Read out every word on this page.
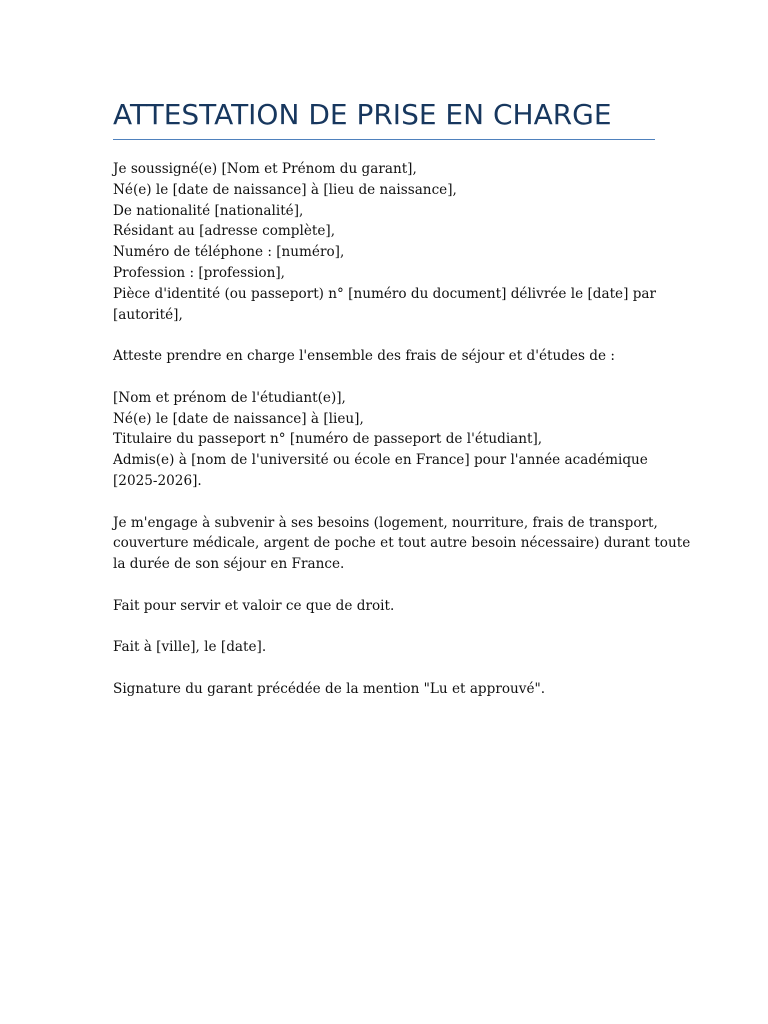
ATTESTATION DE PRISE EN CHARGE

Je soussigné(e) [Nom et Prénom du garant],
Né(e) le [date de naissance] à [lieu de naissance],
De nationalité [nationalité],
Résidant au [adresse complète],
Numéro de téléphone : [numéro],
Profession : [profession],
Pièce d'identité (ou passeport) n° [numéro du document] délivrée le [date] par
[autorité],

Atteste prendre en charge l'ensemble des frais de séjour et d'études de :

[Nom et prénom de l'étudiant(e)],
Né(e) le [date de naissance] à [lieu],
Titulaire du passeport n° [numéro de passeport de l'étudiant],
Admis(e) à [nom de l'université ou école en France] pour l'année académique
[2025-2026].

Je m'engage à subvenir à ses besoins (logement, nourriture, frais de transport,
couverture médicale, argent de poche et tout autre besoin nécessaire) durant toute
la durée de son séjour en France.

Fait pour servir et valoir ce que de droit.

Fait à [ville], le [date].

Signature du garant précédée de la mention "Lu et approuvé".
